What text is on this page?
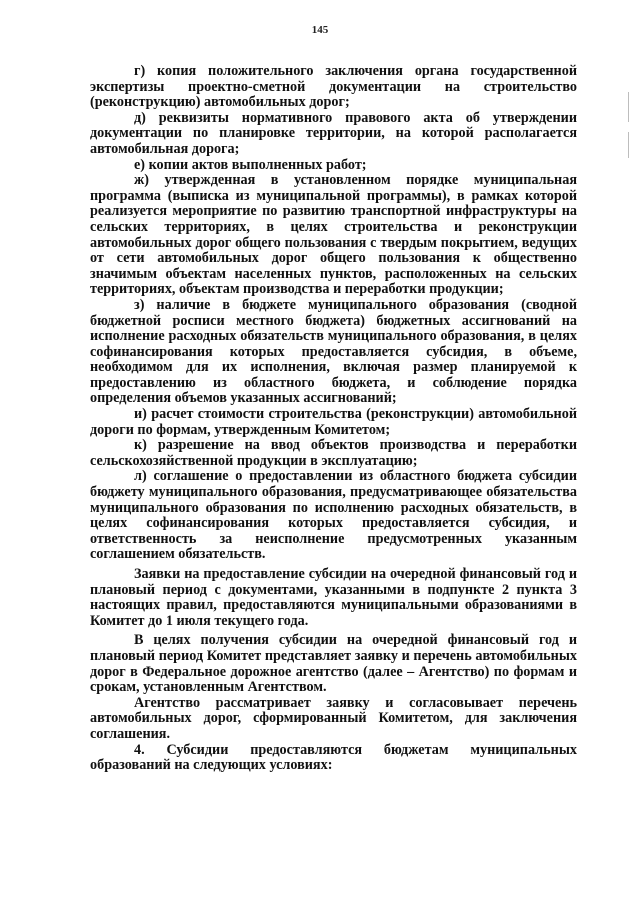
145

г) копия положительного заключения органа государственной экспертизы проектно-сметной документации на строительство (реконструкцию) автомобильных дорог;

д) реквизиты нормативного правового акта об утверждении документации по планировке территории, на которой располагается автомобильная дорога;

е) копии актов выполненных работ;

ж) утвержденная в установленном порядке муниципальная программа (выписка из муниципальной программы), в рамках которой реализуется мероприятие по развитию транспортной инфраструктуры на сельских территориях, в целях строительства и реконструкции автомобильных дорог общего пользования с твердым покрытием, ведущих от сети автомобильных дорог общего пользования к общественно значимым объектам населенных пунктов, расположенных на сельских территориях, объектам производства и переработки продукции;

з) наличие в бюджете муниципального образования (сводной бюджетной росписи местного бюджета) бюджетных ассигнований на исполнение расходных обязательств муниципального образования, в целях софинансирования которых предоставляется субсидия, в объеме, необходимом для их исполнения, включая размер планируемой к предоставлению из областного бюджета, и соблюдение порядка определения объемов указанных ассигнований;

и) расчет стоимости строительства (реконструкции) автомобильной дороги по формам, утвержденным Комитетом;

к) разрешение на ввод объектов производства и переработки сельскохозяйственной продукции в эксплуатацию;

л) соглашение о предоставлении из областного бюджета субсидии бюджету муниципального образования, предусматривающее обязательства муниципального образования по исполнению расходных обязательств, в целях софинансирования которых предоставляется субсидия, и ответственность за неисполнение предусмотренных указанным соглашением обязательств.

Заявки на предоставление субсидии на очередной финансовый год и плановый период с документами, указанными в подпункте 2 пункта 3 настоящих правил, предоставляются муниципальными образованиями в Комитет до 1 июля текущего года.

В целях получения субсидии на очередной финансовый год и плановый период Комитет представляет заявку и перечень автомобильных дорог в Федеральное дорожное агентство (далее – Агентство) по формам и срокам, установленным Агентством.

Агентство рассматривает заявку и согласовывает перечень автомобильных дорог, сформированный Комитетом, для заключения соглашения.

4. Субсидии предоставляются бюджетам муниципальных образований на следующих условиях:
